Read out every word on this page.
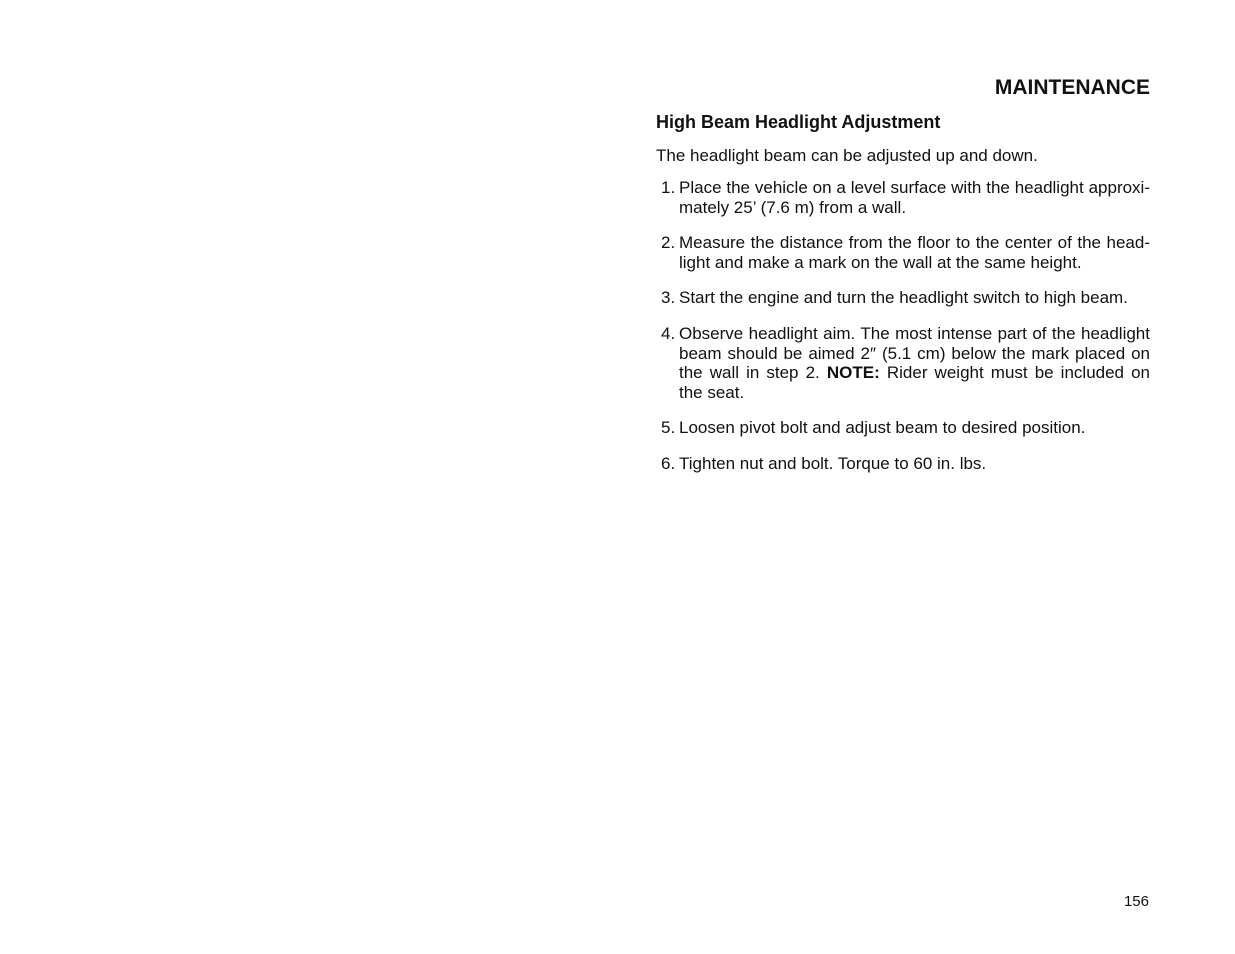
MAINTENANCE
High Beam Headlight Adjustment
The headlight beam can be adjusted up and down.
1. Place the vehicle on a level surface with the headlight approxi- mately 25’ (7.6 m) from a wall.
2. Measure the distance from the floor to the center of the head- light and make a mark on the wall at the same height.
3. Start the engine and turn the headlight switch to high beam.
4. Observe headlight aim. The most intense part of the headlight beam should be aimed 2″ (5.1 cm) below the mark placed on the wall in step 2. NOTE: Rider weight must be included on the seat.
5. Loosen pivot bolt and adjust beam to desired position.
6. Tighten nut and bolt. Torque to 60 in. lbs.
156
